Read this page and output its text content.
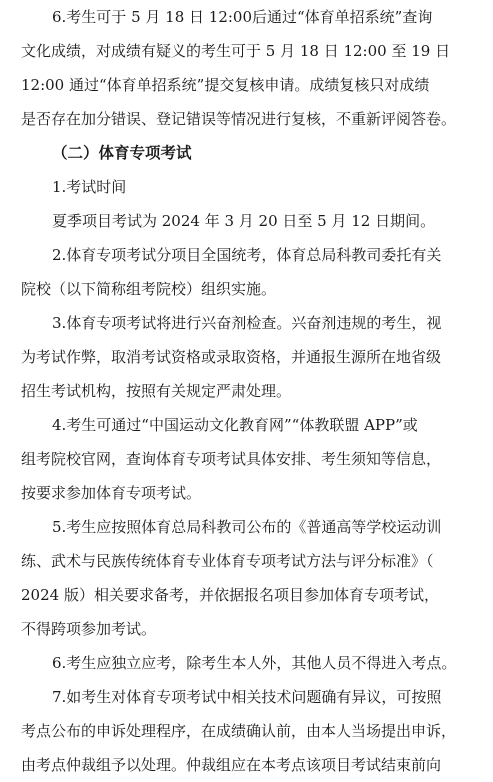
6.考生可于 5 月 18 日 12:00后通过“体育单招系统”查询
文化成绩，对成绩有疑义的考生可于 5 月 18 日 12:00 至 19 日
12:00 通过“体育单招系统”提交复核申请。成绩复核只对成绩
是否存在加分错误、登记错误等情况进行复核，不重新评阅答卷。
（二）体育专项考试
1.考试时间
夏季项目考试为 2024 年 3 月 20 日至 5 月 12 日期间。
2.体育专项考试分项目全国统考，体育总局科教司委托有关
院校（以下简称组考院校）组织实施。
3.体育专项考试将进行兴奋剂检查。兴奋剂违规的考生，视
为考试作弊，取消考试资格或录取资格，并通报生源所在地省级
招生考试机构，按照有关规定严肃处理。
4.考生可通过“中国运动文化教育网”“体教联盟 APP”或
组考院校官网，查询体育专项考试具体安排、考生须知等信息，
按要求参加体育专项考试。
5.考生应按照体育总局科教司公布的《普通高等学校运动训
练、武术与民族传统体育专业体育专项考试方法与评分标准》（
2024 版）相关要求备考，并依据报名项目参加体育专项考试，
不得跨项参加考试。
6.考生应独立应考，除考生本人外，其他人员不得进入考点。
7.如考生对体育专项考试中相关技术问题确有异议，可按照
考点公布的申诉处理程序，在成绩确认前，由本人当场提出申诉，
由考点仲裁组予以处理。仲裁组应在本考点该项目考试结束前向
